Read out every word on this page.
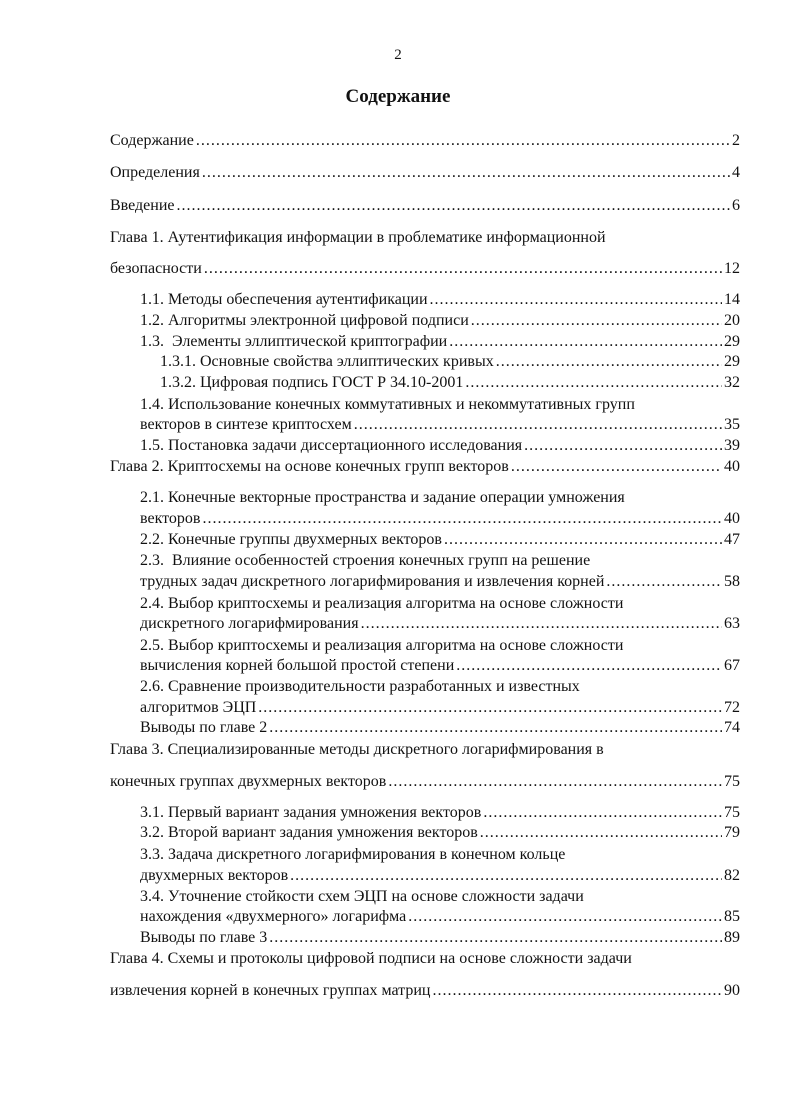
2
Содержание
Содержание .....	2
Определения .....	4
Введение .....	6
Глава 1. Аутентификация информации в проблематике информационной
безопасности .....	12
1.1. Методы обеспечения аутентификации .....	14
1.2. Алгоритмы электронной цифровой подписи .....	20
1.3.  Элементы эллиптической криптографии .....	29
1.3.1. Основные свойства эллиптических кривых .....	29
1.3.2. Цифровая подпись ГОСТ Р 34.10-2001 .....	32
1.4. Использование конечных коммутативных и некоммутативных групп
векторов в синтезе криптосхем .....	35
1.5. Постановка задачи диссертационного исследования .....	39
Глава 2. Криптосхемы на основе конечных групп векторов .....	40
2.1. Конечные векторные пространства и задание операции умножения
векторов .....	40
2.2. Конечные группы двухмерных векторов .....	47
2.3.  Влияние особенностей строения конечных групп на решение
трудных задач дискретного логарифмирования и извлечения корней .....	58
2.4. Выбор криптосхемы и реализация алгоритма на основе сложности
дискретного логарифмирования .....	63
2.5. Выбор криптосхемы и реализация алгоритма на основе сложности
вычисления корней большой простой степени .....	67
2.6. Сравнение производительности разработанных и известных
алгоритмов ЭЦП .....	72
Выводы по главе 2 .....	74
Глава 3. Специализированные методы дискретного логарифмирования в
конечных группах двухмерных векторов .....	75
3.1. Первый вариант задания умножения векторов .....	75
3.2. Второй вариант задания умножения векторов .....	79
3.3. Задача дискретного логарифмирования в конечном кольце
двухмерных векторов .....	82
3.4. Уточнение стойкости схем ЭЦП на основе сложности задачи
нахождения «двухмерного» логарифма .....	85
Выводы по главе 3 .....	89
Глава 4. Схемы и протоколы цифровой подписи на основе сложности задачи
извлечения корней в конечных группах матриц .....	90
